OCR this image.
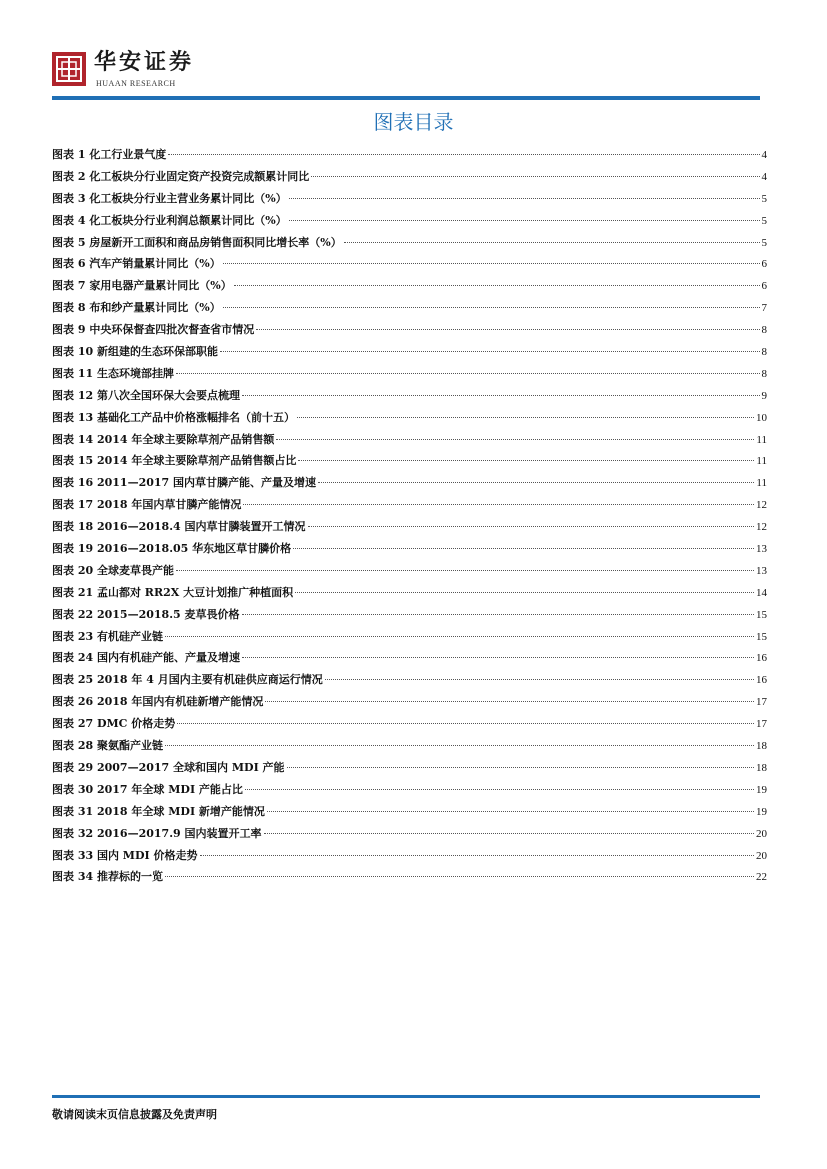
华安证券
HUAAN RESEARCH
图表目录
图表 1 化工行业景气度	4
图表 2 化工板块分行业固定资产投资完成额累计同比	4
图表 3 化工板块分行业主营业务累计同比（%）	5
图表 4 化工板块分行业利润总额累计同比（%）	5
图表 5 房屋新开工面积和商品房销售面积同比增长率（%）	5
图表 6 汽车产销量累计同比（%）	6
图表 7 家用电器产量累计同比（%）	6
图表 8 布和纱产量累计同比（%）	7
图表 9 中央环保督查四批次督查省市情况	8
图表 10 新组建的生态环保部职能	8
图表 11 生态环境部挂牌	8
图表 12 第八次全国环保大会要点梳理	9
图表 13 基础化工产品中价格涨幅排名（前十五）	10
图表 14 2014 年全球主要除草剂产品销售额	11
图表 15 2014 年全球主要除草剂产品销售额占比	11
图表 16 2011—2017 国内草甘膦产能、产量及增速	11
图表 17 2018 年国内草甘膦产能情况	12
图表 18 2016—2018.4 国内草甘膦装置开工情况	12
图表 19 2016—2018.05 华东地区草甘膦价格	13
图表 20 全球麦草畏产能	13
图表 21 孟山都对 RR2X 大豆计划推广种植面积	14
图表 22 2015—2018.5 麦草畏价格	15
图表 23 有机硅产业链	15
图表 24 国内有机硅产能、产量及增速	16
图表 25 2018 年 4 月国内主要有机硅供应商运行情况	16
图表 26 2018 年国内有机硅新增产能情况	17
图表 27 DMC 价格走势	17
图表 28 聚氨酯产业链	18
图表 29 2007—2017 全球和国内 MDI 产能	18
图表 30 2017 年全球 MDI 产能占比	19
图表 31 2018 年全球 MDI 新增产能情况	19
图表 32 2016—2017.9 国内装置开工率	20
图表 33 国内 MDI 价格走势	20
图表 34 推荐标的一览	22
敬请阅读末页信息披露及免责声明
